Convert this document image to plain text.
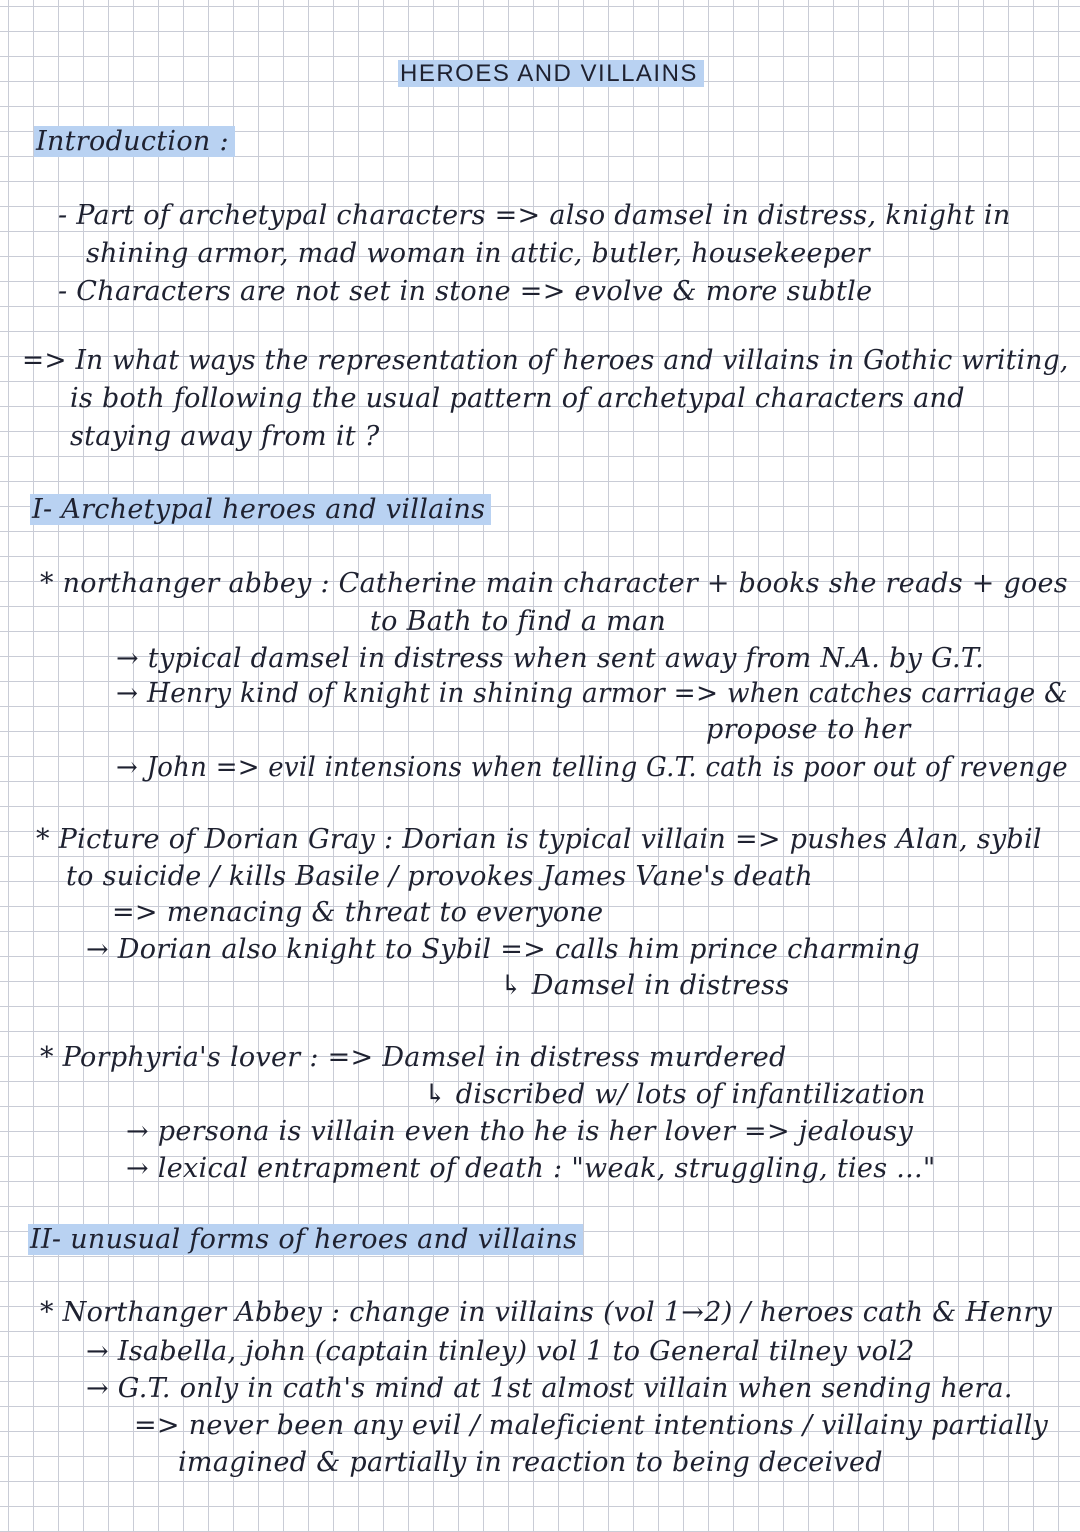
HEROES AND VILLAINS
Introduction :
- Part of archetypal characters => also damsel in distress, knight in
shining armor, mad woman in attic, butler, housekeeper
- Characters are not set in stone => evolve & more subtle
=> In what ways the representation of heroes and villains in Gothic writing,
is both following the usual pattern of archetypal characters and
staying away from it ?
I- Archetypal heroes and villains
* northanger abbey : Catherine main character + books she reads + goes
to Bath to find a man
→ typical damsel in distress when sent away from N.A. by G.T.
→ Henry kind of knight in shining armor => when catches carriage &
propose to her
→ John => evil intensions when telling G.T. cath is poor out of revenge
* Picture of Dorian Gray : Dorian is typical villain => pushes Alan, sybil
to suicide / kills Basile / provokes James Vane's death
=> menacing & threat to everyone
→ Dorian also knight to Sybil => calls him prince charming
↳ Damsel in distress
* Porphyria's lover : => Damsel in distress murdered
↳ discribed w/ lots of infantilization
→ persona is villain even tho he is her lover => jealousy
→ lexical entrapment of death : "weak, struggling, ties ..."
II- unusual forms of heroes and villains
* Northanger Abbey : change in villains (vol 1→2) / heroes cath & Henry
→ Isabella, john (captain tinley) vol 1 to General tilney vol2
→ G.T. only in cath's mind at 1st almost villain when sending hera.
=> never been any evil / maleficient intentions / villainy partially
imagined & partially in reaction to being deceived
